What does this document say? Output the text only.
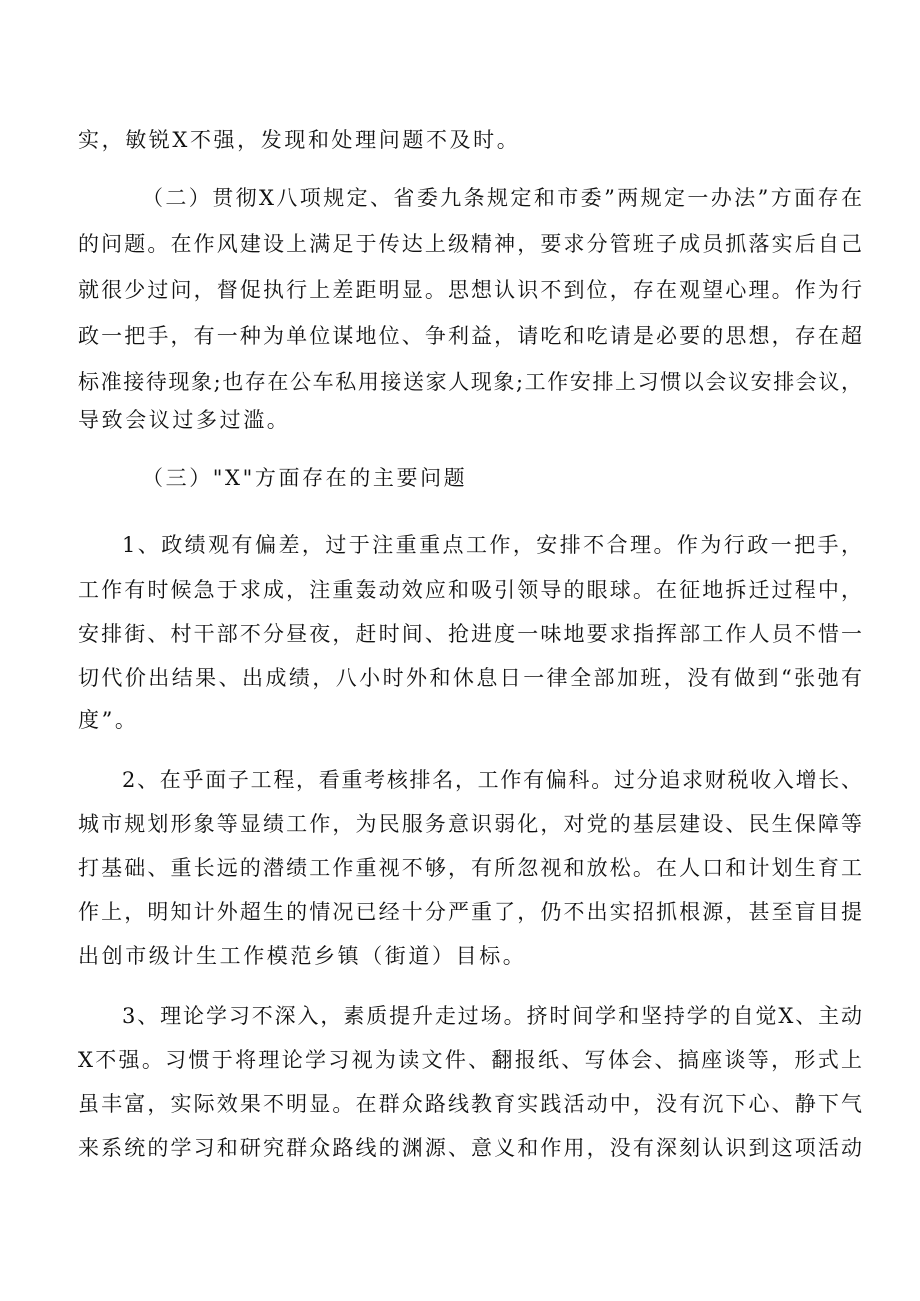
实，敏锐X不强，发现和处理问题不及时。
（二）贯彻X八项规定、省委九条规定和市委”两规定一办法”方面存在
的问题。在作风建设上满足于传达上级精神，要求分管班子成员抓落实后自己
就很少过问，督促执行上差距明显。思想认识不到位，存在观望心理。作为行
政一把手，有一种为单位谋地位、争利益，请吃和吃请是必要的思想，存在超
标准接待现象;也存在公车私用接送家人现象;工作安排上习惯以会议安排会议，
导致会议过多过滥。
（三）"X"方面存在的主要问题
1、政绩观有偏差，过于注重重点工作，安排不合理。作为行政一把手，
工作有时候急于求成，注重轰动效应和吸引领导的眼球。在征地拆迁过程中，
安排街、村干部不分昼夜，赶时间、抢进度一味地要求指挥部工作人员不惜一
切代价出结果、出成绩，八小时外和休息日一律全部加班，没有做到“张弛有
度”。
2、在乎面子工程，看重考核排名，工作有偏科。过分追求财税收入增长、
城市规划形象等显绩工作，为民服务意识弱化，对党的基层建设、民生保障等
打基础、重长远的潜绩工作重视不够，有所忽视和放松。在人口和计划生育工
作上，明知计外超生的情况已经十分严重了，仍不出实招抓根源，甚至盲目提
出创市级计生工作模范乡镇（街道）目标。
3、理论学习不深入，素质提升走过场。挤时间学和坚持学的自觉X、主动
X不强。习惯于将理论学习视为读文件、翻报纸、写体会、搞座谈等，形式上
虽丰富，实际效果不明显。在群众路线教育实践活动中，没有沉下心、静下气
来系统的学习和研究群众路线的渊源、意义和作用，没有深刻认识到这项活动
